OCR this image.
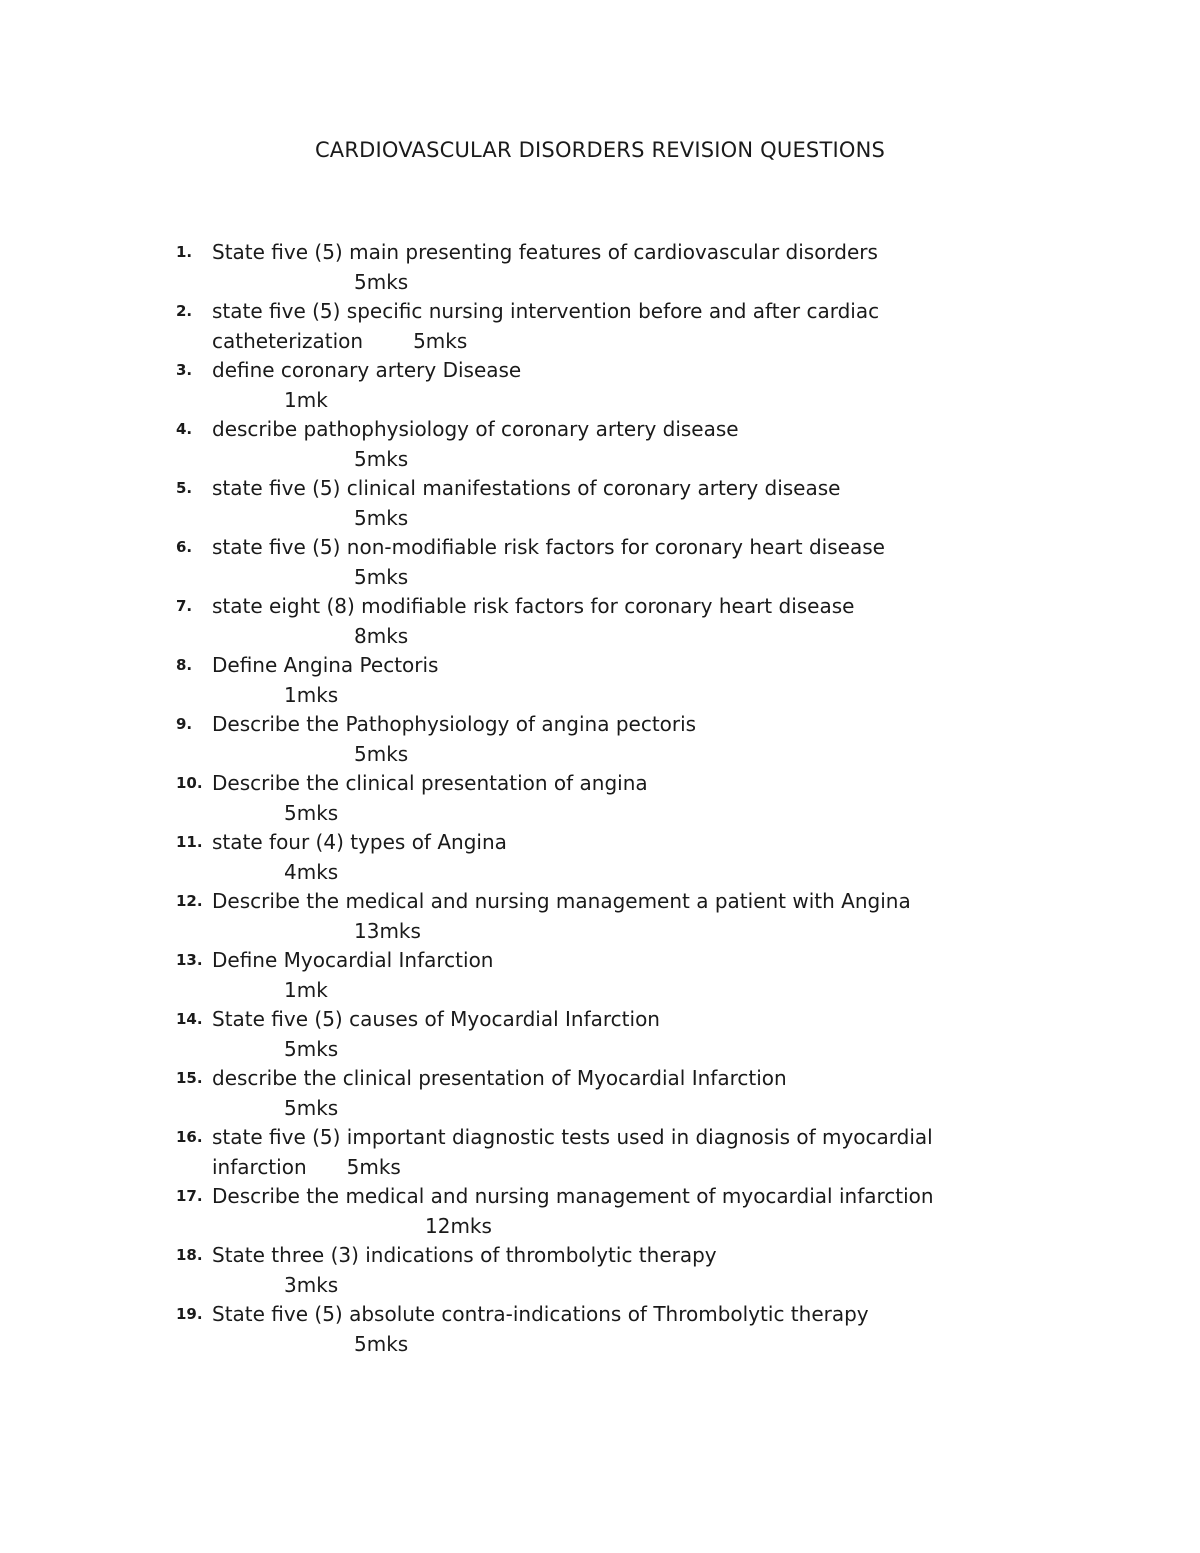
CARDIOVASCULAR DISORDERS REVISION QUESTIONS
1. State five (5) main presenting features of cardiovascular disorders
5mks
2. state five (5) specific nursing intervention before and after cardiac
catheterization	5mks
3. define coronary artery Disease
1mk
4. describe pathophysiology of coronary artery disease
5mks
5. state five (5) clinical manifestations of coronary artery disease
5mks
6. state five (5) non-modifiable risk factors for coronary heart disease
5mks
7. state eight (8) modifiable risk factors for coronary heart disease
8mks
8. Define Angina Pectoris
1mks
9. Describe the Pathophysiology of angina pectoris
5mks
10. Describe the clinical presentation of angina
5mks
11. state four (4) types of Angina
4mks
12. Describe the medical and nursing management a patient with Angina
13mks
13. Define Myocardial Infarction
1mk
14. State five (5) causes of Myocardial Infarction
5mks
15. describe the clinical presentation of Myocardial Infarction
5mks
16. state five (5) important diagnostic tests used in diagnosis of myocardial
infarction 5mks
17. Describe the medical and nursing management of myocardial infarction
12mks
18. State three (3) indications of thrombolytic therapy
3mks
19. State five (5) absolute contra-indications of Thrombolytic therapy
5mks
